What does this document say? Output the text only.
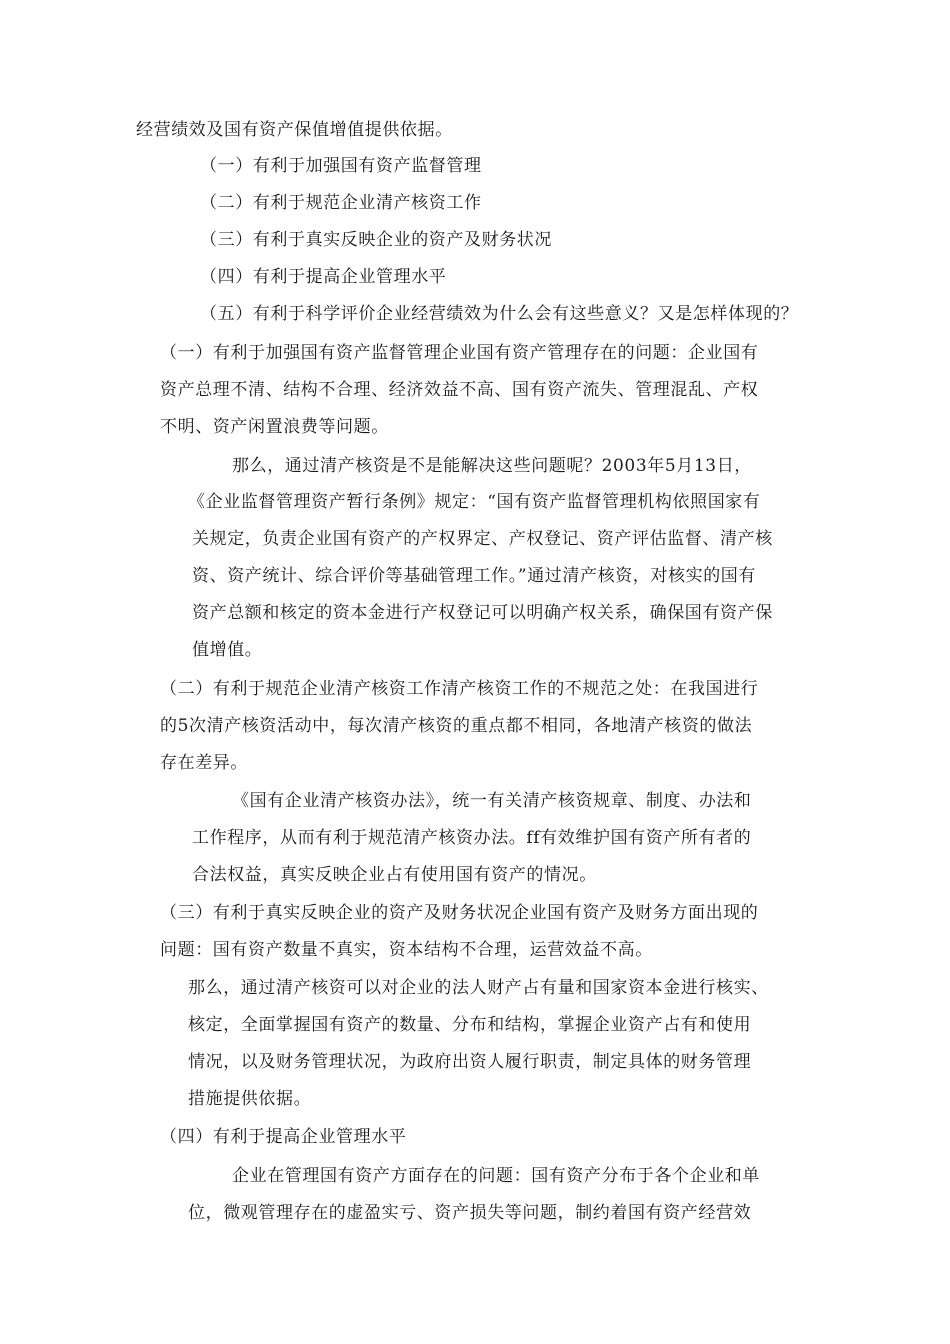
经营绩效及国有资产保值增值提供依据。
（一）有利于加强国有资产监督管理
（二）有利于规范企业清产核资工作
（三）有利于真实反映企业的资产及财务状况
（四）有利于提高企业管理水平
（五）有利于科学评价企业经营绩效为什么会有这些意义？又是怎样体现的？
（一）有利于加强国有资产监督管理企业国有资产管理存在的问题：企业国有
资产总理不清、结构不合理、经济效益不高、国有资产流失、管理混乱、产权
不明、资产闲置浪费等问题。
那么，通过清产核资是不是能解决这些问题呢？2003年5月13日，
《企业监督管理资产暂行条例》规定：“国有资产监督管理机构依照国家有
关规定，负责企业国有资产的产权界定、产权登记、资产评估监督、清产核
资、资产统计、综合评价等基础管理工作。”通过清产核资，对核实的国有
资产总额和核定的资本金进行产权登记可以明确产权关系，确保国有资产保
值增值。
（二）有利于规范企业清产核资工作清产核资工作的不规范之处：在我国进行
的5次清产核资活动中，每次清产核资的重点都不相同，各地清产核资的做法
存在差异。
《国有企业清产核资办法》，统一有关清产核资规章、制度、办法和
工作程序，从而有利于规范清产核资办法。ff有效维护国有资产所有者的
合法权益，真实反映企业占有使用国有资产的情况。
（三）有利于真实反映企业的资产及财务状况企业国有资产及财务方面出现的
问题：国有资产数量不真实，资本结构不合理，运营效益不高。
那么，通过清产核资可以对企业的法人财产占有量和国家资本金进行核实、
核定，全面掌握国有资产的数量、分布和结构，掌握企业资产占有和使用
情况，以及财务管理状况，为政府出资人履行职责，制定具体的财务管理
措施提供依据。
（四）有利于提高企业管理水平
企业在管理国有资产方面存在的问题：国有资产分布于各个企业和单
位，微观管理存在的虚盈实亏、资产损失等问题，制约着国有资产经营效
